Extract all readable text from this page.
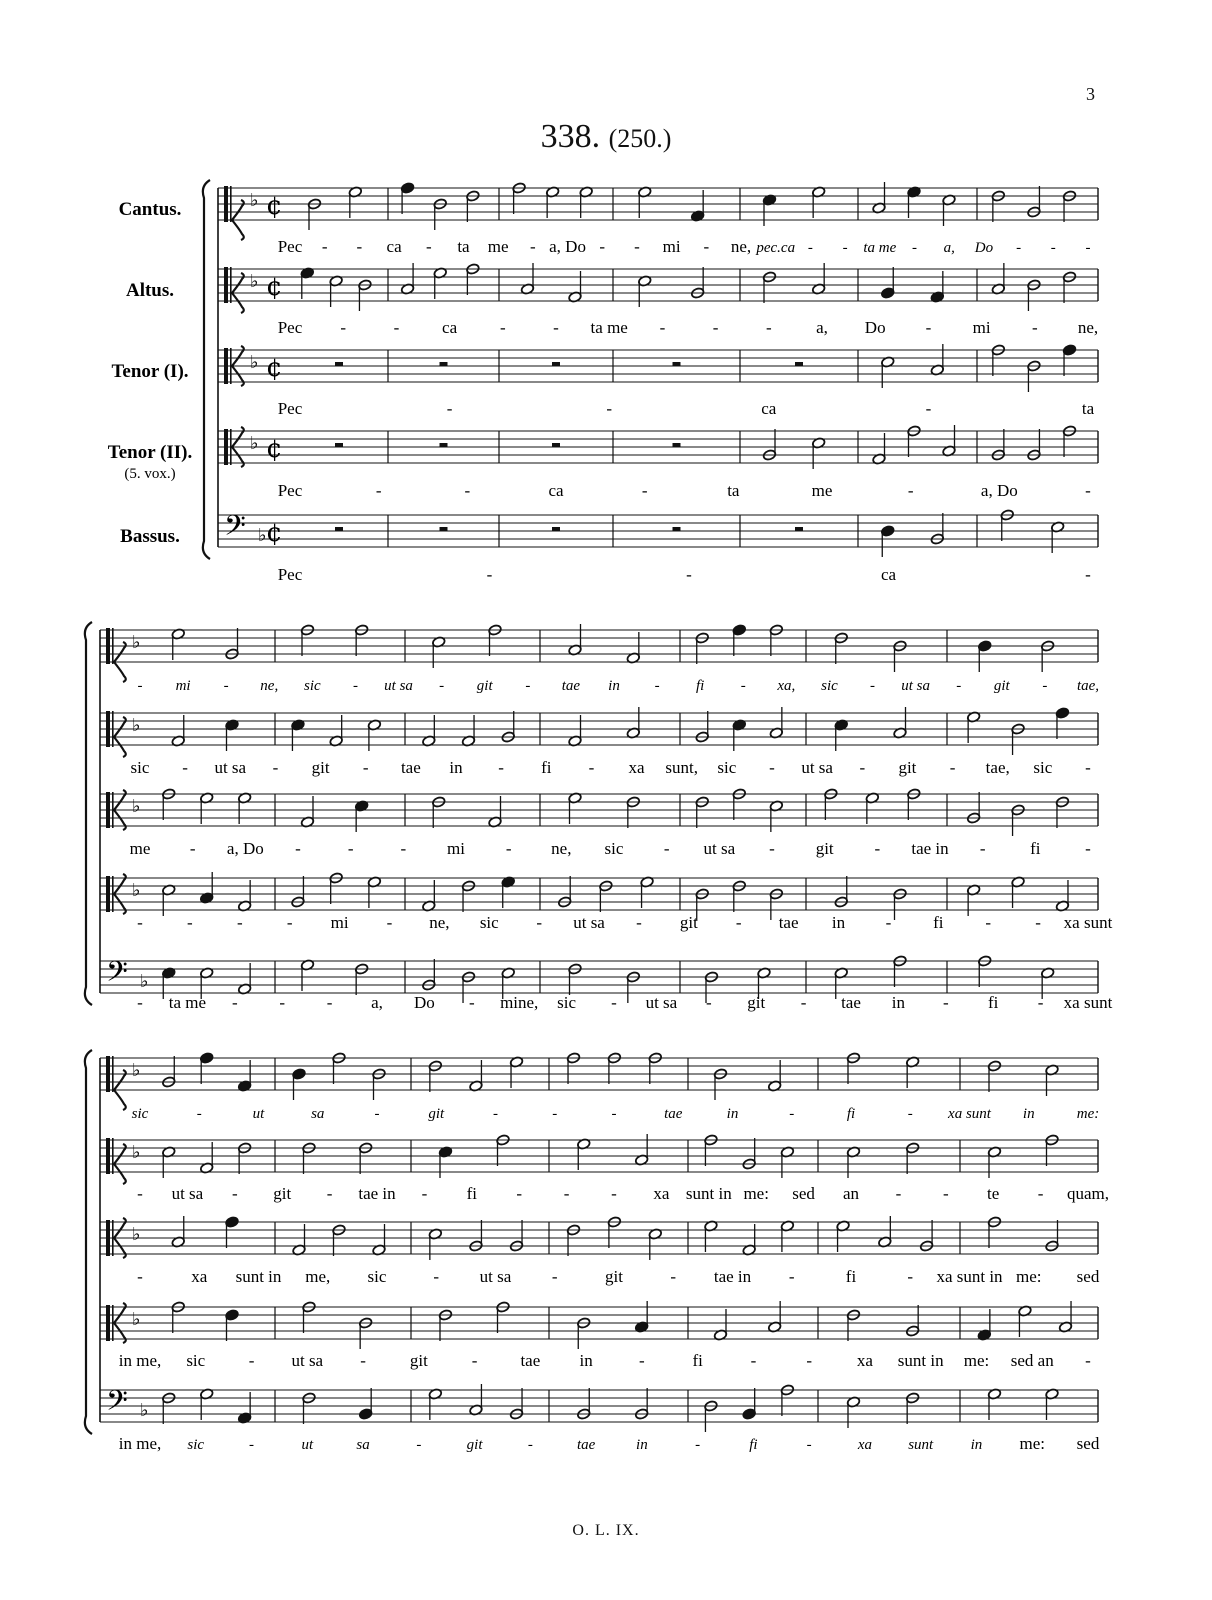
3
338. (250.)
♭ ¢
Pec - - ca - ta me - a, Do - - mi - ne, pec.ca - - ta me - a, Do - - -
♭ ¢
Pec -	-	ca	-	- ta me -	-	-	a, Do - mi - ne,
♭ ¢
Pec	-	-	ca	-	ta
♭ ¢
Pec	-	-	ca	-	ta	me	-	a, Do	-
𝄢 ♭ ¢
Pec	-	-	ca	-
Cantus.
Altus.
Tenor (I).
Tenor (II).
(5. vox.)
Bassus.
♭
- mi - ne, sic - ut sa - git - tae in - fi - xa, sic - ut sa - git - tae,
♭
sic - ut sa - git - tae in - fi - xa sunt, sic - ut sa - git - tae, sic -
♭
me - a, Do -	-	- mi - ne, sic - ut sa - git - tae in -	fi	-
♭
-	-	-	- mi - ne, sic - ut sa - git - tae in - fi -	- xa sunt
𝄢 ♭
- ta me - - - a, Do - mine, sic - ut sa - git - tae in - fi - xa sunt
♭
sic	-	ut	sa	-	git	-	-	-	tae	in	-	fi	- xa sunt in	me:
♭
- ut sa - git - tae in - fi - - - xa sunt in me: sed an - - te - quam,
♭
-	xa sunt in me, sic	- ut sa -	git	- tae in -	fi	- xa sunt in me: sed
♭
in me, sic	- ut sa -	git	-	tae in	-	fi	-	-	xa sunt in me: sed an -
𝄢 ♭
in me, sic	-	ut	sa	-	git	-	tae	in	-	fi	-	xa sunt in me: sed
O. L. IX.
